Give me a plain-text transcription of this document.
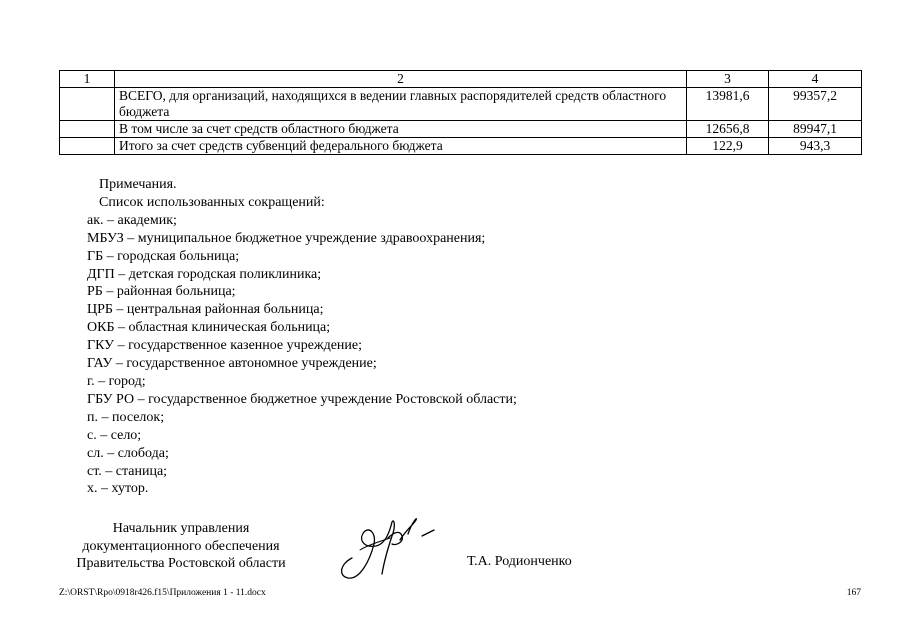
1	2	3	4
	ВСЕГО, для организаций, находящихся в ведении главных распорядителей средств областного бюджета	13981,6	99357,2
	В том числе за счет средств областного бюджета	12656,8	89947,1
	Итого за счет средств субвенций федерального бюджета	122,9	943,3
Примечания.
Список использованных сокращений:
ак. – академик;
МБУЗ – муниципальное бюджетное учреждение здравоохранения;
ГБ – городская больница;
ДГП – детская городская поликлиника;
РБ – районная больница;
ЦРБ – центральная районная больница;
ОКБ – областная клиническая больница;
ГКУ – государственное казенное учреждение;
ГАУ – государственное автономное учреждение;
г. – город;
ГБУ РО – государственное бюджетное учреждение Ростовской области;
п. – поселок;
с. – село;
сл. – слобода;
ст. – станица;
х. – хутор.
Начальник управления
документационного обеспечения
Правительства Ростовской области	Т.А. Родионченко
Z:\ORST\Rpo\0918r426.f15\Приложения 1 - 11.docx	167
